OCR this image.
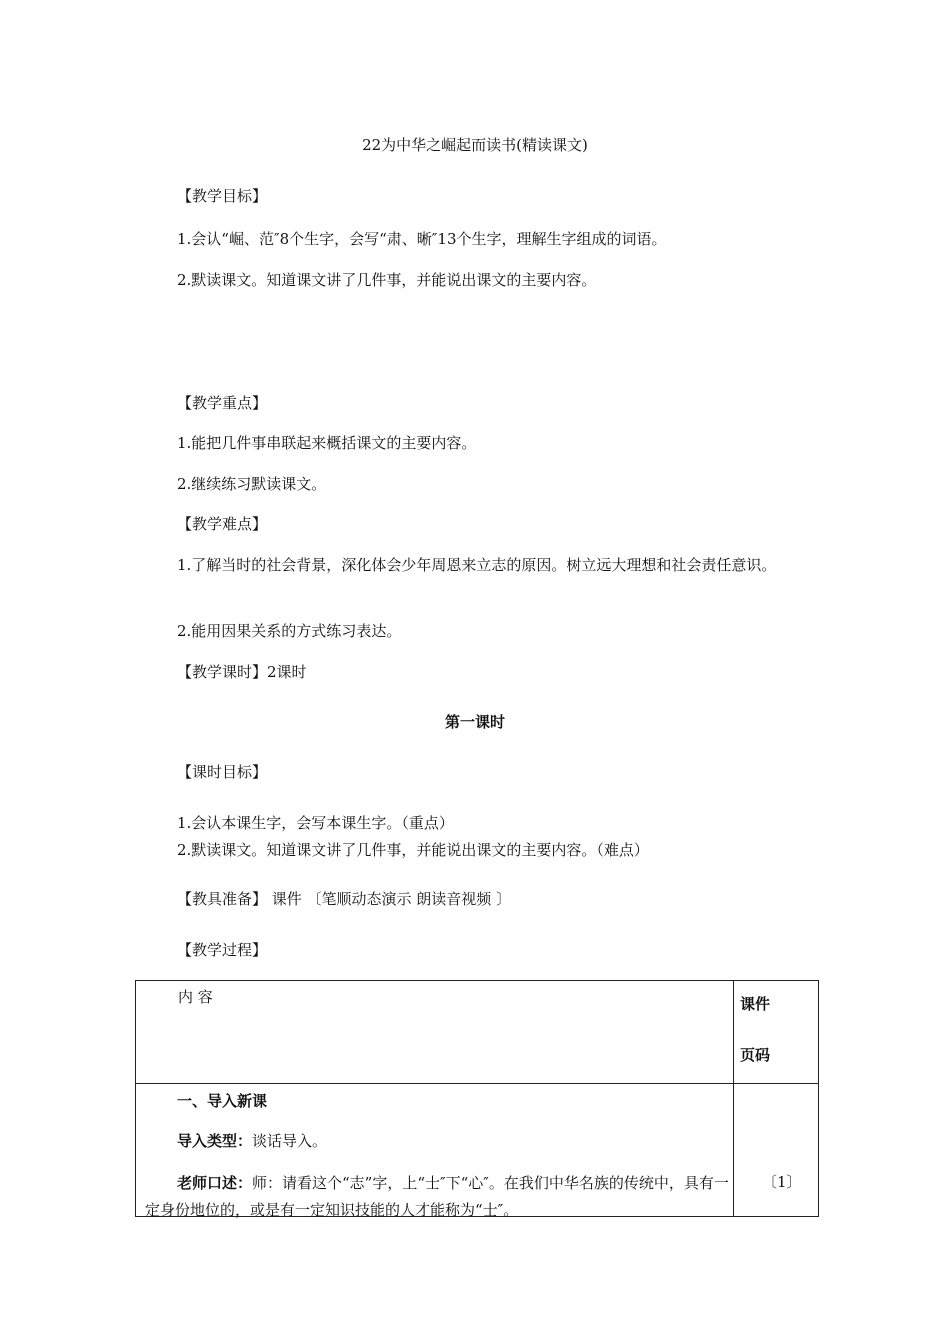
22为中华之崛起而读书(精读课文)
【教学目标】
1.会认“崛、范″8个生字，会写“肃、晰″13个生字，理解生字组成的词语。
2.默读课文。知道课文讲了几件事，并能说出课文的主要内容。
【教学重点】
1.能把几件事串联起来概括课文的主要内容。
2.继续练习默读课文。
【教学难点】
1.了解当时的社会背景，深化体会少年周恩来立志的原因。树立远大理想和社会责任意识。
2.能用因果关系的方式练习表达。
【教学课时】2课时
第一课时
【课时目标】
1.会认本课生字，会写本课生字。（重点）
2.默读课文。知道课文讲了几件事，并能说出课文的主要内容。（难点）
【教具准备】 课件 〔笔顺动态演示 朗读音视频 〕
【教学过程】
内 容	课件
页码

一、导入新课
导入类型：谈话导入。
老师口述：师：请看这个“志”字，上“士″下“心″。在我们中华名族的传统中，具有一定身份地位的，或是有一定知识技能的人才能称为“士″。	〔1〕
